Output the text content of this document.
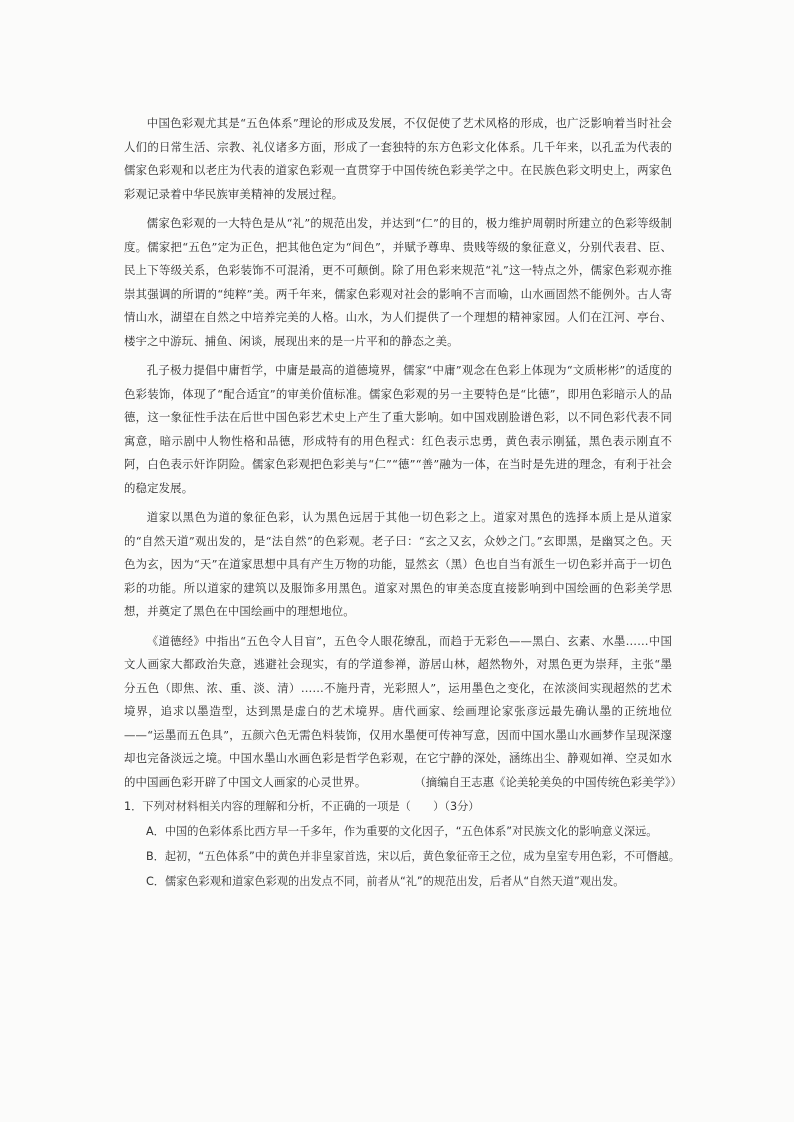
中国色彩观尤其是“五色体系”理论的形成及发展，不仅促使了艺术风格的形成，也广泛影响着当时社会人们的日常生活、宗教、礼仪诸多方面，形成了一套独特的东方色彩文化体系。几千年来，以孔孟为代表的儒家色彩观和以老庄为代表的道家色彩观一直贯穿于中国传统色彩美学之中。在民族色彩文明史上，两家色彩观记录着中华民族审美精神的发展过程。

儒家色彩观的一大特色是从“礼”的规范出发，并达到“仁”的目的，极力维护周朝时所建立的色彩等级制度。儒家把“五色”定为正色，把其他色定为“间色”，并赋予尊卑、贵贱等级的象征意义，分别代表君、臣、民上下等级关系，色彩装饰不可混淆，更不可颠倒。除了用色彩来规范“礼”这一特点之外，儒家色彩观亦推崇其强调的所谓的“纯粹”美。两千年来，儒家色彩观对社会的影响不言而喻，山水画固然不能例外。古人寄情山水，湖望在自然之中培养完美的人格。山水，为人们提供了一个理想的精神家园。人们在江河、亭台、楼宇之中游玩、捕鱼、闲谈，展现出来的是一片平和的静态之美。

孔子极力提倡中庸哲学，中庸是最高的道德境界，儒家“中庸”观念在色彩上体现为“文质彬彬”的适度的色彩装饰，体现了“配合适宜”的审美价值标准。儒家色彩观的另一主要特色是“比德”，即用色彩暗示人的品德，这一象征性手法在后世中国色彩艺术史上产生了重大影响。如中国戏剧脸谱色彩，以不同色彩代表不同寓意，暗示剧中人物性格和品德，形成特有的用色程式：红色表示忠勇，黄色表示刚猛，黑色表示刚直不阿，白色表示奸诈阴险。儒家色彩观把色彩美与“仁”“德”“善”融为一体，在当时是先进的理念，有利于社会的稳定发展。

道家以黑色为道的象征色彩，认为黑色远居于其他一切色彩之上。道家对黑色的选择本质上是从道家的“自然天道”观出发的，是“法自然”的色彩观。老子曰：“玄之又玄，众妙之门。”玄即黑，是幽冥之色。天色为玄，因为“天”在道家思想中具有产生万物的功能，显然玄（黑）色也自当有派生一切色彩并高于一切色彩的功能。所以道家的建筑以及服饰多用黑色。道家对黑色的审美态度直接影响到中国绘画的色彩美学思想，并奠定了黑色在中国绘画中的理想地位。

《道德经》中指出“五色令人目盲”，五色令人眼花缭乱，而趋于无彩色——黑白、玄素、水墨……中国文人画家大都政治失意，逃避社会现实，有的学道参禅，游居山林，超然物外，对黑色更为崇拜，主张“墨分五色（即焦、浓、重、淡、清）……不施丹青，光彩照人”，运用墨色之变化，在浓淡间实现超然的艺术境界，追求以墨造型，达到黑是虚白的艺术境界。唐代画家、绘画理论家张彦远最先确认墨的正统地位——“运墨而五色具”，五颜六色无需色料装饰，仅用水墨便可传神写意，因而中国水墨山水画梦作呈现深邃却也完备淡远之境。中国水墨山水画色彩是哲学色彩观，在它宁静的深处，涵练出尘、静观如禅、空灵如水的中国画色彩开辟了中国文人画家的心灵世界。	（摘编自王志惠《论美轮美奂的中国传统色彩美学》）

1．下列对材料相关内容的理解和分析，不正确的一项是（　　）（3分）

A．中国的色彩体系比西方早一千多年，作为重要的文化因子，“五色体系”对民族文化的影响意义深远。

B．起初，“五色体系”中的黄色并非皇家首选，宋以后，黄色象征帝王之位，成为皇室专用色彩，不可僭越。

C．儒家色彩观和道家色彩观的出发点不同，前者从“礼”的规范出发，后者从“自然天道”观出发。
